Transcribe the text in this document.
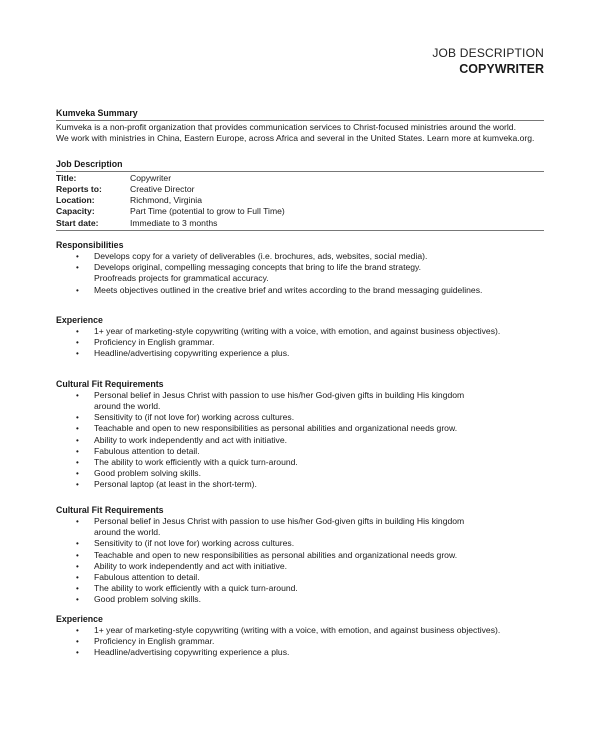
JOB DESCRIPTION
COPYWRITER
Kumveka Summary

Kumveka is a non-profit organization that provides communication services to Christ-focused ministries around the world.

We work with ministries in China, Eastern Europe, across Africa and several in the United States. Learn more at kumveka.org.

Job Description
Title:	Copywriter
Reports to:	Creative Director
Location:	Richmond, Virginia
Capacity:	Part Time (potential to grow to Full Time)
Start date:	Immediate to 3 months
Responsibilities
• Develops copy for a variety of deliverables (i.e. brochures, ads, websites, social media).
• Develops original, compelling messaging concepts that bring to life the brand strategy.
Proofreads projects for grammatical accuracy.
• Meets objectives outlined in the creative brief and writes according to the brand messaging guidelines.
Experience
• 1+ year of marketing-style copywriting (writing with a voice, with emotion, and against business objectives).
• Proficiency in English grammar.
• Headline/advertising copywriting experience a plus.
Cultural Fit Requirements
• Personal belief in Jesus Christ with passion to use his/her God-given gifts in building His kingdom
around the world.
• Sensitivity to (if not love for) working across cultures.
• Teachable and open to new responsibilities as personal abilities and organizational needs grow.
• Ability to work independently and act with initiative.
• Fabulous attention to detail.
• The ability to work efficiently with a quick turn-around.
• Good problem solving skills.
• Personal laptop (at least in the short-term).
Cultural Fit Requirements
• Personal belief in Jesus Christ with passion to use his/her God-given gifts in building His kingdom
around the world.
• Sensitivity to (if not love for) working across cultures.
• Teachable and open to new responsibilities as personal abilities and organizational needs grow.
• Ability to work independently and act with initiative.
• Fabulous attention to detail.
• The ability to work efficiently with a quick turn-around.
• Good problem solving skills.
Experience
• 1+ year of marketing-style copywriting (writing with a voice, with emotion, and against business objectives).
• Proficiency in English grammar.
• Headline/advertising copywriting experience a plus.
